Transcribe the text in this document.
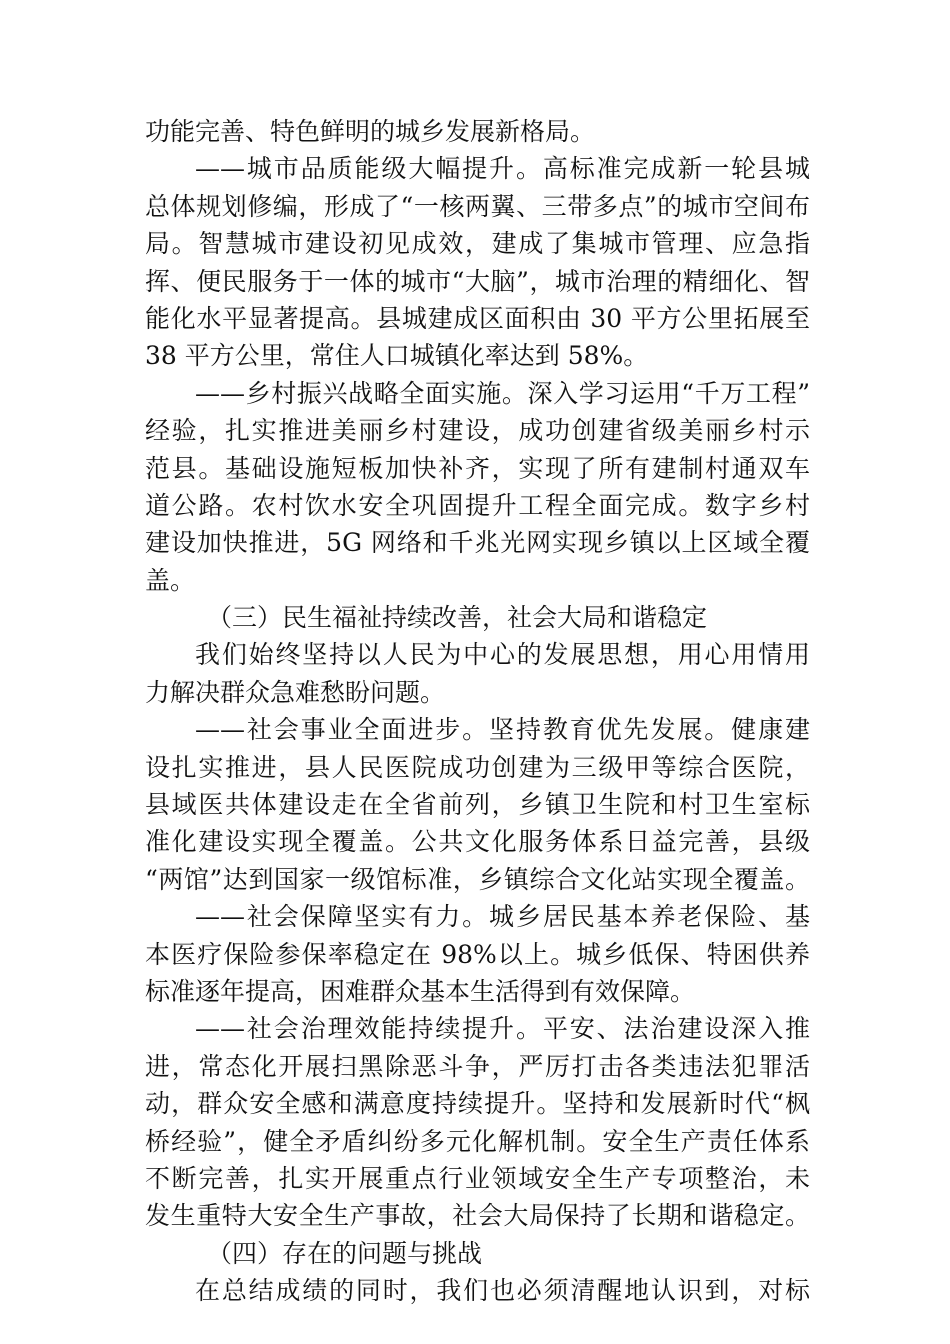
功能完善、特色鲜明的城乡发展新格局。
——城市品质能级大幅提升。高标准完成新一轮县城
总体规划修编，形成了“一核两翼、三带多点”的城市空间布
局。智慧城市建设初见成效，建成了集城市管理、应急指
挥、便民服务于一体的城市“大脑”，城市治理的精细化、智
能化水平显著提高。县城建成区面积由 30 平方公里拓展至
38 平方公里，常住人口城镇化率达到 58%。
——乡村振兴战略全面实施。深入学习运用“千万工程”
经验，扎实推进美丽乡村建设，成功创建省级美丽乡村示
范县。基础设施短板加快补齐，实现了所有建制村通双车
道公路。农村饮水安全巩固提升工程全面完成。数字乡村
建设加快推进，5G 网络和千兆光网实现乡镇以上区域全覆
盖。
（三）民生福祉持续改善，社会大局和谐稳定
我们始终坚持以人民为中心的发展思想，用心用情用
力解决群众急难愁盼问题。
——社会事业全面进步。坚持教育优先发展。健康建
设扎实推进，县人民医院成功创建为三级甲等综合医院，
县域医共体建设走在全省前列，乡镇卫生院和村卫生室标
准化建设实现全覆盖。公共文化服务体系日益完善，县级
“两馆”达到国家一级馆标准，乡镇综合文化站实现全覆盖。
——社会保障坚实有力。城乡居民基本养老保险、基
本医疗保险参保率稳定在 98%以上。城乡低保、特困供养
标准逐年提高，困难群众基本生活得到有效保障。
——社会治理效能持续提升。平安、法治建设深入推
进，常态化开展扫黑除恶斗争，严厉打击各类违法犯罪活
动，群众安全感和满意度持续提升。坚持和发展新时代“枫
桥经验”，健全矛盾纠纷多元化解机制。安全生产责任体系
不断完善，扎实开展重点行业领域安全生产专项整治，未
发生重特大安全生产事故，社会大局保持了长期和谐稳定。
（四）存在的问题与挑战
在总结成绩的同时，我们也必须清醒地认识到，对标
